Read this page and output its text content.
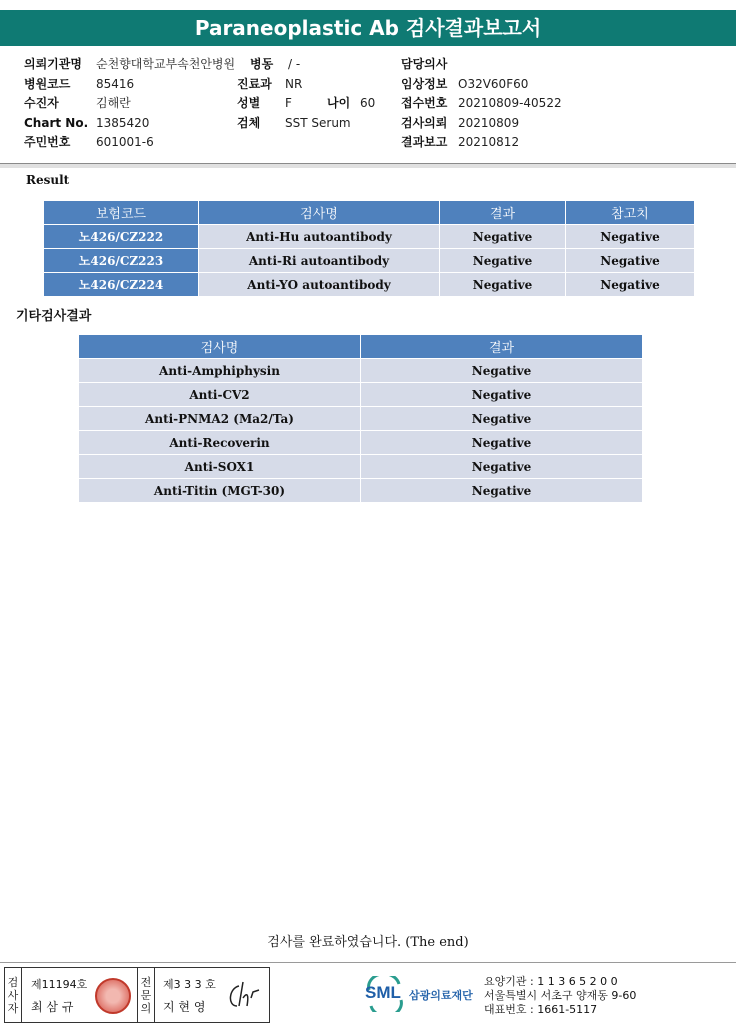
Paraneoplastic Ab 검사결과보고서
의뢰기관명	순천향대학교부속천안병원
병원코드	85416
수진자	김해란
Chart No. 1385420
주민번호	601001-6
병동	/ -
진료과	NR
성별	F	나이 60
검체	SST Serum
담당의사
임상정보 O32V60F60
접수번호 20210809-40522
검사의뢰 20210809
결과보고 20210812
Result
보험코드	검사명	결과	참고치
노426/CZ222	Anti-Hu autoantibody	Negative	Negative
노426/CZ223	Anti-Ri autoantibody	Negative	Negative
노426/CZ224	Anti-YO autoantibody	Negative	Negative
기타검사결과
검사명	결과
Anti-Amphiphysin	Negative
Anti-CV2	Negative
Anti-PNMA2 (Ma2/Ta)	Negative
Anti-Recoverin	Negative
Anti-SOX1	Negative
Anti-Titin (MGT-30)	Negative
검사를 완료하였습니다. (The end)
검사자
제11194호
최 삼 규
전문의
제3 3 3 호
지 현 영
SML 삼광의료재단
요양기관 : 1 1 3 6 5 2 0 0
서울특별시 서초구 양재동 9-60
대표번호 : 1661-5117
